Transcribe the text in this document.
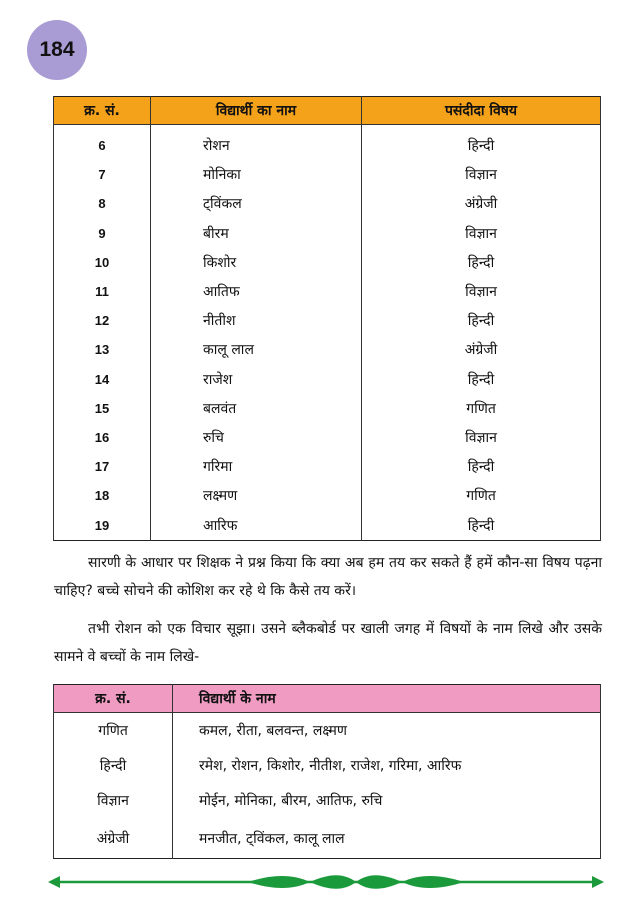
184
क्र. सं.	विद्यार्थी का नाम	पसंदीदा विषय
6	रोशन	हिन्दी
7	मोनिका	विज्ञान
8	ट्विंकल	अंग्रेजी
9	बीरम	विज्ञान
10	किशोर	हिन्दी
11	आतिफ	विज्ञान
12	नीतीश	हिन्दी
13	कालू लाल	अंग्रेजी
14	राजेश	हिन्दी
15	बलवंत	गणित
16	रुचि	विज्ञान
17	गरिमा	हिन्दी
18	लक्ष्मण	गणित
19	आरिफ	हिन्दी

सारणी के आधार पर शिक्षक ने प्रश्न किया कि क्या अब हम तय कर सकते हैं हमें कौन-सा विषय पढ़ना चाहिए? बच्चे सोचने की कोशिश कर रहे थे कि कैसे तय करें।

तभी रोशन को एक विचार सूझा। उसने ब्लैकबोर्ड पर खाली जगह में विषयों के नाम लिखे और उसके सामने वे बच्चों के नाम लिखे-

क्र. सं.	विद्यार्थी के नाम
गणित	कमल, रीता, बलवन्त, लक्ष्मण
हिन्दी	रमेश, रोशन, किशोर, नीतीश, राजेश, गरिमा, आरिफ
विज्ञान	मोईन, मोनिका, बीरम, आतिफ, रुचि
अंग्रेजी	मनजीत, ट्विंकल, कालू लाल
